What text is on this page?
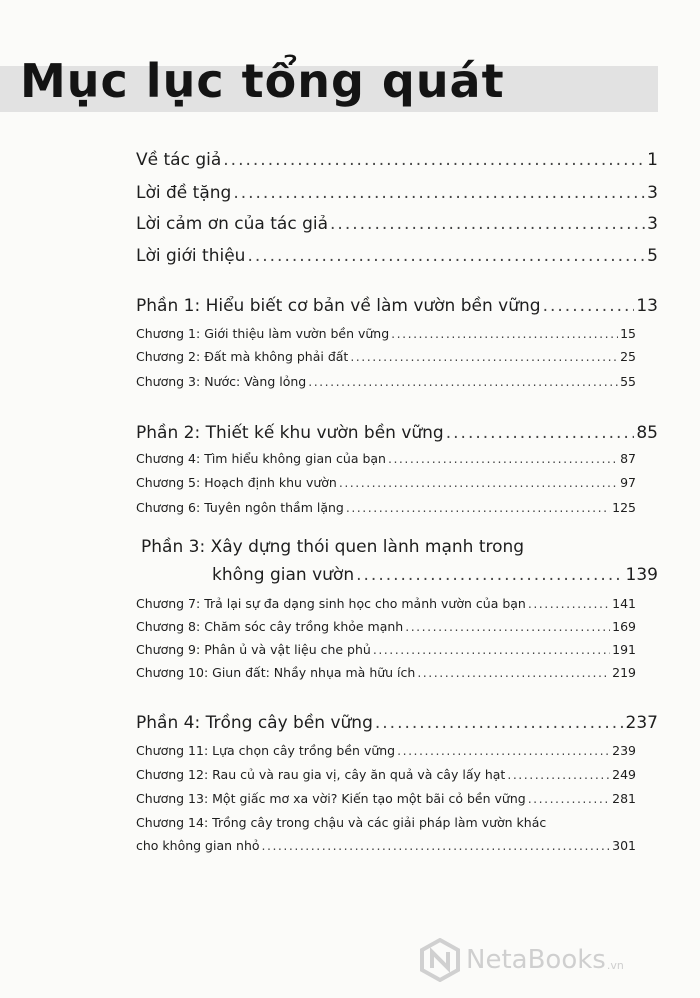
Mục lục tổng quát
Về tác giả .....	1
Lời đề tặng .....	3
Lời cảm ơn của tác giả .....	3
Lời giới thiệu .....	5
Phần 1: Hiểu biết cơ bản về làm vườn bền vững .....	13
Chương 1: Giới thiệu làm vườn bền vững .....	15
Chương 2: Đất mà không phải đất .....	25
Chương 3: Nước: Vàng lỏng .....	55
Phần 2: Thiết kế khu vườn bền vững .....	85
Chương 4: Tìm hiểu không gian của bạn .....	87
Chương 5: Hoạch định khu vườn .....	97
Chương 6: Tuyên ngôn thầm lặng .....	125
Phần 3: Xây dựng thói quen lành mạnh trong
không gian vườn .....	139
Chương 7: Trả lại sự đa dạng sinh học cho mảnh vườn của bạn .....	141
Chương 8: Chăm sóc cây trồng khỏe mạnh .....	169
Chương 9: Phân ủ và vật liệu che phủ .....	191
Chương 10: Giun đất: Nhầy nhụa mà hữu ích .....	219
Phần 4: Trồng cây bền vững .....	237
Chương 11: Lựa chọn cây trồng bền vững .....	239
Chương 12: Rau củ và rau gia vị, cây ăn quả và cây lấy hạt .....	249
Chương 13: Một giấc mơ xa vời? Kiến tạo một bãi cỏ bền vững .....	281
Chương 14: Trồng cây trong chậu và các giải pháp làm vườn khác
cho không gian nhỏ .....	301
NetaBooks .vn
